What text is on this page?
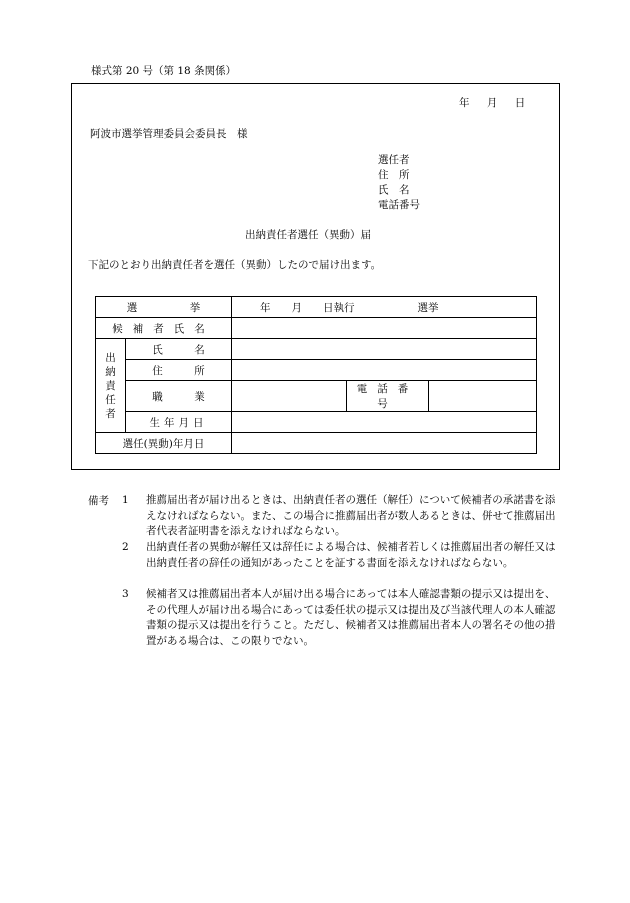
様式第 20 号（第 18 条関係）
年 月 日
阿波市選挙管理委員会委員長　様
選任者
住　所
氏　名
電話番号
出納責任者選任（異動）届
下記のとおり出納責任者を選任（異動）したので届け出ます。
選　　　　　挙		年　　月　　日執行　　　　　　選挙		
候補者氏名				

出
納
責
任
者	氏　　　名			
	住　　　所			
	職　　　業		電話番号	
	生年月日			
選任(異動)年月日				
備考 1 推薦届出者が届け出るときは、出納責任者の選任（解任）について候補者の承諾書を添えなければならない。また、この場合に推薦届出者が数人あるときは、併せて推薦届出者代表者証明書を添えなければならない。
2 出納責任者の異動が解任又は辞任による場合は、候補者若しくは推薦届出者の解任又は出納責任者の辞任の通知があったことを証する書面を添えなければならない。
3 候補者又は推薦届出者本人が届け出る場合にあっては本人確認書類の提示又は提出を、その代理人が届け出る場合にあっては委任状の提示又は提出及び当該代理人の本人確認書類の提示又は提出を行うこと。ただし、候補者又は推薦届出者本人の署名その他の措置がある場合は、この限りでない。
